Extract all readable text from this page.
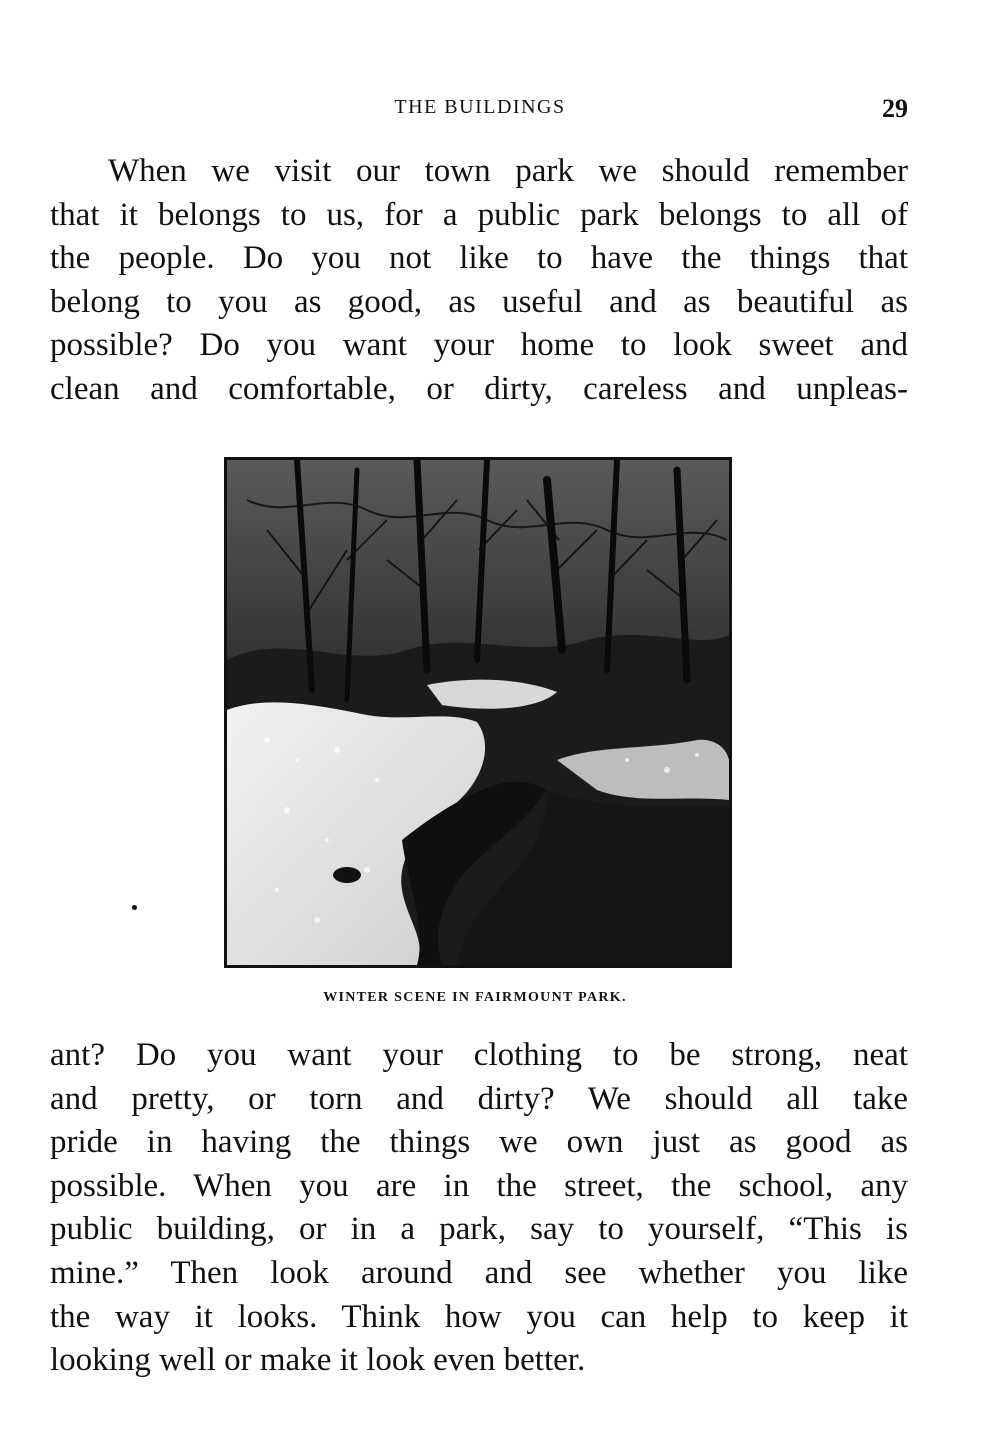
THE BUILDINGS	29
When we visit our town park we should remember
that it belongs to us, for a public park belongs to all of
the people. Do you not like to have the things that
belong to you as good, as useful and as beautiful as
possible? Do you want your home to look sweet and
clean and comfortable, or dirty, careless and unpleas-
WINTER SCENE IN FAIRMOUNT PARK.
ant? Do you want your clothing to be strong, neat
and pretty, or torn and dirty? We should all take
pride in having the things we own just as good as
possible. When you are in the street, the school, any
public building, or in a park, say to yourself, “This is
mine.” Then look around and see whether you like
the way it looks. Think how you can help to keep it
looking well or make it look even better.
